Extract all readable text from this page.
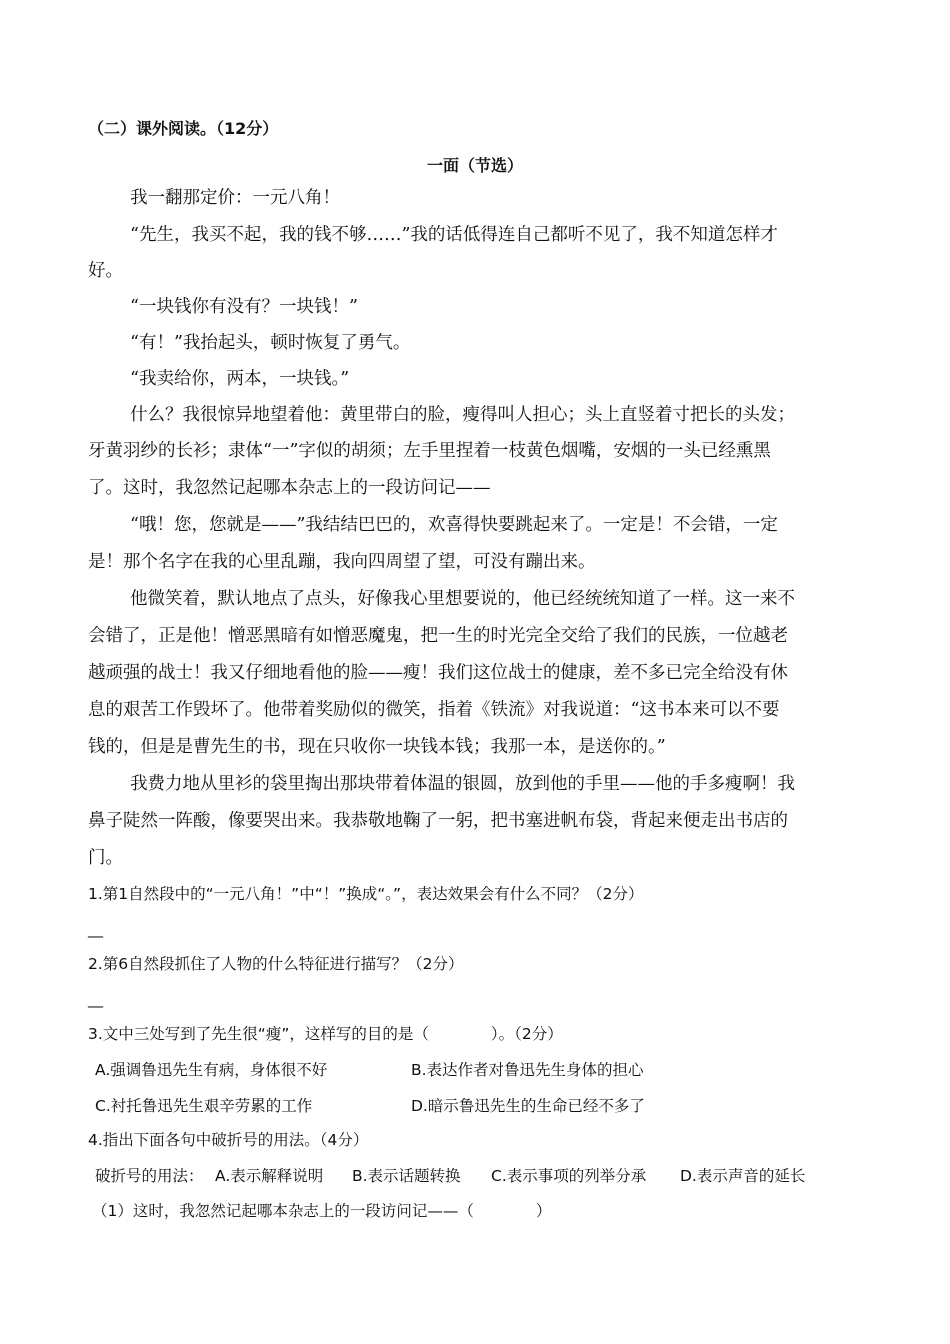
（二）课外阅读。（12分）
一面（节选）
我一翻那定价：一元八角！
“先生，我买不起，我的钱不够……”我的话低得连自己都听不见了，我不知道怎样才
好。
“一块钱你有没有？一块钱！”
“有！”我抬起头，顿时恢复了勇气。
“我卖给你，两本，一块钱。”
什么？我很惊异地望着他：黄里带白的脸，瘦得叫人担心；头上直竖着寸把长的头发；
牙黄羽纱的长衫；隶体“一”字似的胡须；左手里捏着一枝黄色烟嘴，安烟的一头已经熏黑
了。这时，我忽然记起哪本杂志上的一段访问记——
“哦！您，您就是——”我结结巴巴的，欢喜得快要跳起来了。一定是！不会错，一定
是！那个名字在我的心里乱蹦，我向四周望了望，可没有蹦出来。
他微笑着，默认地点了点头，好像我心里想要说的，他已经统统知道了一样。这一来不
会错了，正是他！憎恶黑暗有如憎恶魔鬼，把一生的时光完全交给了我们的民族，一位越老
越顽强的战士！我又仔细地看他的脸——瘦！我们这位战士的健康，差不多已完全给没有休
息的艰苦工作毁坏了。他带着奖励似的微笑，指着《铁流》对我说道：“这书本来可以不要
钱的，但是是曹先生的书，现在只收你一块钱本钱；我那一本，是送你的。”
我费力地从里衫的袋里掏出那块带着体温的银圆，放到他的手里——他的手多瘦啊！我
鼻子陡然一阵酸，像要哭出来。我恭敬地鞠了一躬，把书塞进帆布袋，背起来便走出书店的
门。
1.第1自然段中的“一元八角！”中“！”换成“。”，表达效果会有什么不同？（2分）
__
2.第6自然段抓住了人物的什么特征进行描写？（2分）
__
3.文中三处写到了先生很“瘦”，这样写的目的是（　　　　）。（2分）
A.强调鲁迅先生有病，身体很不好	B.表达作者对鲁迅先生身体的担心
C.衬托鲁迅先生艰辛劳累的工作	D.暗示鲁迅先生的生命已经不多了
4.指出下面各句中破折号的用法。（4分）
破折号的用法： A.表示解释说明 B.表示话题转换 C.表示事项的列举分承 D.表示声音的延长
（1）这时，我忽然记起哪本杂志上的一段访问记——（　　　　）
